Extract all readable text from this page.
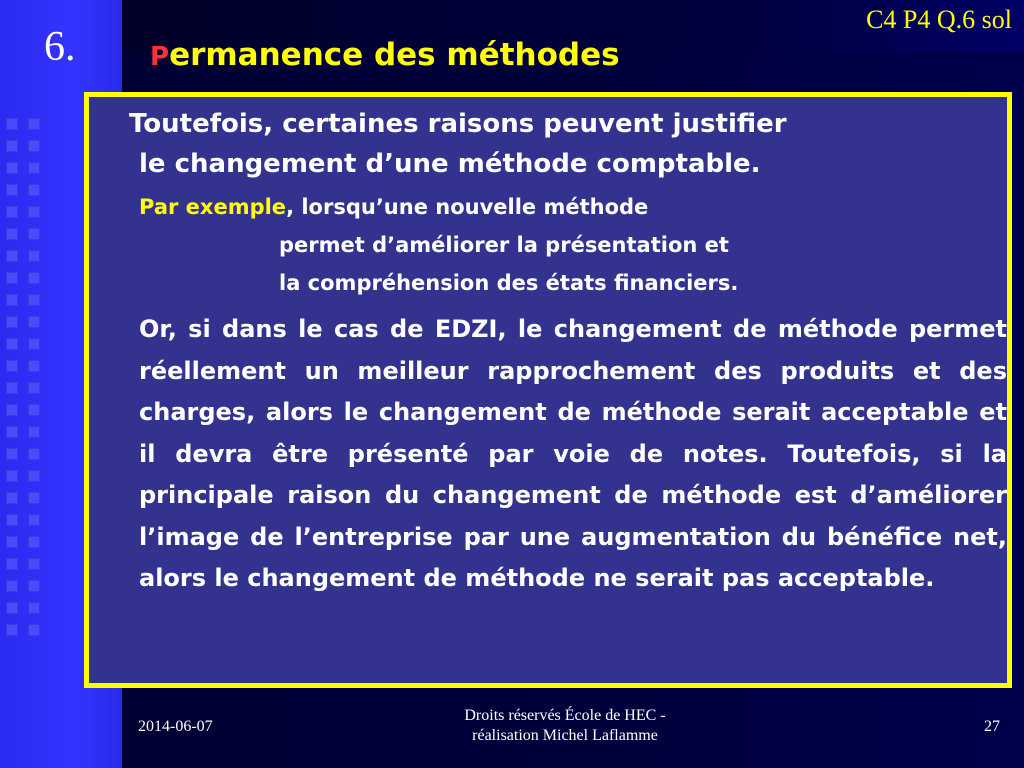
6.
C4 P4 Q.6 sol
Permanence des méthodes
Toutefois, certaines raisons peuvent justifier
le changement d’une méthode comptable.
Par exemple, lorsqu’une nouvelle méthode
permet d’améliorer la présentation et
la compréhension des états financiers.
Or, si dans le cas de EDZI, le changement de méthode permet réellement un meilleur rapprochement des produits et des charges, alors le changement de méthode serait acceptable et il devra être présenté par voie de notes. Toutefois, si la principale raison du changement de méthode est d’améliorer l’image de l’entreprise par une augmentation du bénéfice net, alors le changement de méthode ne serait pas acceptable.
2014-06-07
Droits réservés École de HEC -
réalisation Michel Laflamme
27
